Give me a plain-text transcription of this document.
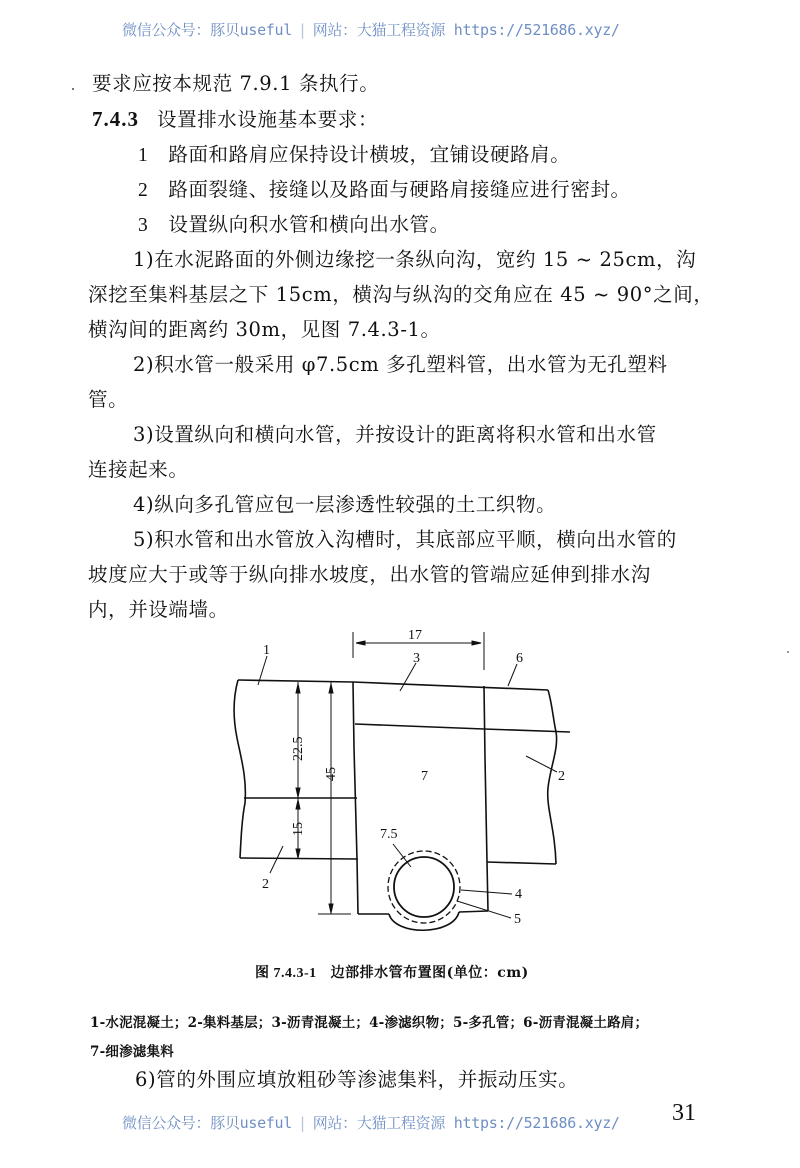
微信公众号：豚贝useful | 网站：大猫工程资源 https://521686.xyz/
要求应按本规范 7.9.1 条执行。
7.4.3 设置排水设施基本要求：
1 路面和路肩应保持设计横坡，宜铺设硬路肩。
2 路面裂缝、接缝以及路面与硬路肩接缝应进行密封。
3 设置纵向积水管和横向出水管。
1)在水泥路面的外侧边缘挖一条纵向沟，宽约 15 ~ 25cm，沟
深挖至集料基层之下 15cm，横沟与纵沟的交角应在 45 ~ 90°之间，
横沟间的距离约 30m，见图 7.4.3-1。
2)积水管一般采用 φ7.5cm 多孔塑料管，出水管为无孔塑料
管。
3)设置纵向和横向水管，并按设计的距离将积水管和出水管
连接起来。
4)纵向多孔管应包一层渗透性较强的土工织物。
5)积水管和出水管放入沟槽时，其底部应平顺，横向出水管的
坡度应大于或等于纵向排水坡度，出水管的管端应延伸到排水沟
内，并设端墙。
17
22.5
15
45
7.5
1
3	6
7	2
2
4
5
图 7.4.3-1 边部排水管布置图(单位：cm)
1-水泥混凝土；2-集料基层；3-沥青混凝土；4-渗滤织物；5-多孔管；6-沥青混凝土路肩；
7-细渗滤集料
6)管的外围应填放粗砂等渗滤集料，并振动压实。
微信公众号：豚贝useful | 网站：大猫工程资源 https://521686.xyz/ 31
